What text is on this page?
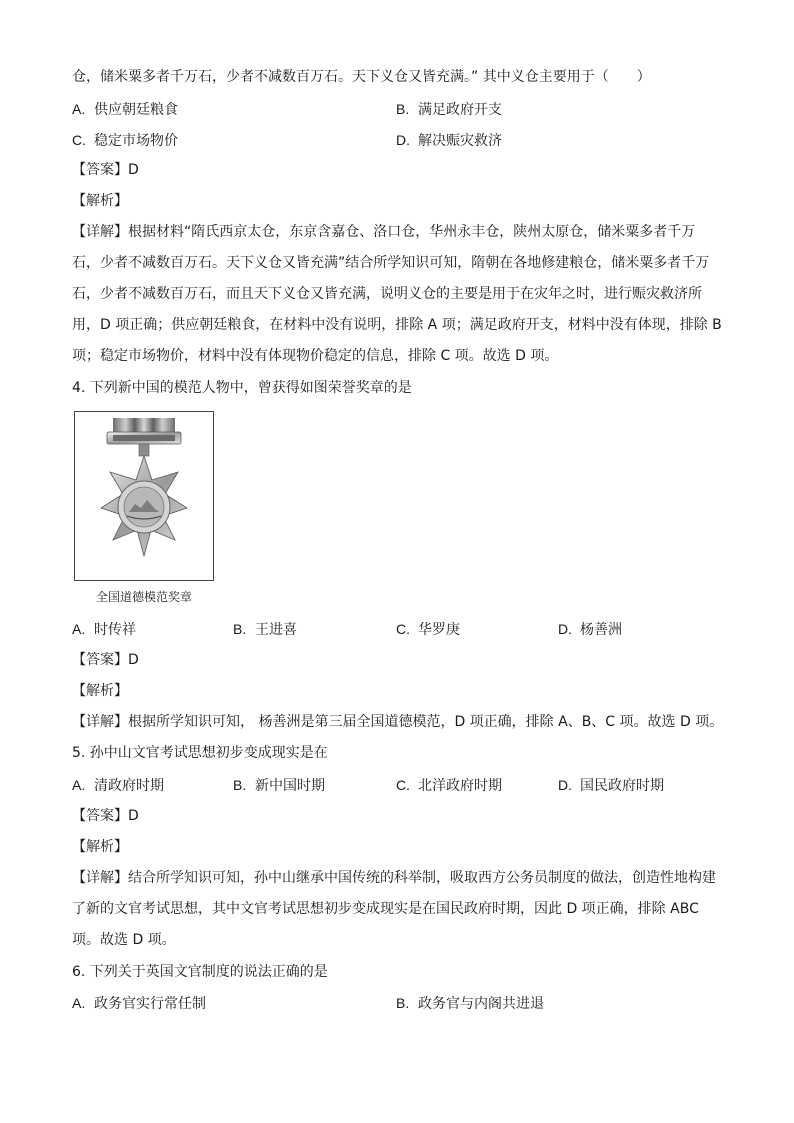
仓，储米粟多者千万石，少者不减数百万石。天下义仓又皆充满。” 其中义仓主要用于（　　）
A. 供应朝廷粮食	B. 满足政府开支
C. 稳定市场物价	D. 解决赈灾救济
【答案】D
【解析】
【详解】根据材料“隋氏西京太仓，东京含嘉仓、洛口仓，华州永丰仓，陕州太原仓，储米粟多者千万
石，少者不减数百万石。天下义仓又皆充满”结合所学知识可知，隋朝在各地修建粮仓，储米粟多者千万
石，少者不减数百万石，而且天下义仓又皆充满，说明义仓的主要是用于在灾年之时，进行赈灾救济所
用，D 项正确；供应朝廷粮食，在材料中没有说明，排除 A 项；满足政府开支，材料中没有体现，排除 B
项；稳定市场物价，材料中没有体现物价稳定的信息，排除 C 项。故选 D 项。
4. 下列新中国的模范人物中，曾获得如图荣誉奖章的是
全国道德模范奖章
A. 时传祥	B. 王进喜	C. 华罗庚	D. 杨善洲
【答案】D
【解析】
【详解】根据所学知识可知， 杨善洲是第三届全国道德模范，D 项正确，排除 A、B、C 项。故选 D 项。
5. 孙中山文官考试思想初步变成现实是在
A. 清政府时期	B. 新中国时期	C. 北洋政府时期	D. 国民政府时期
【答案】D
【解析】
【详解】结合所学知识可知，孙中山继承中国传统的科举制，吸取西方公务员制度的做法，创造性地构建
了新的文官考试思想，其中文官考试思想初步变成现实是在国民政府时期，因此 D 项正确，排除 ABC
项。故选 D 项。
6. 下列关于英国文官制度的说法正确的是
A. 政务官实行常任制	B. 政务官与内阁共进退
